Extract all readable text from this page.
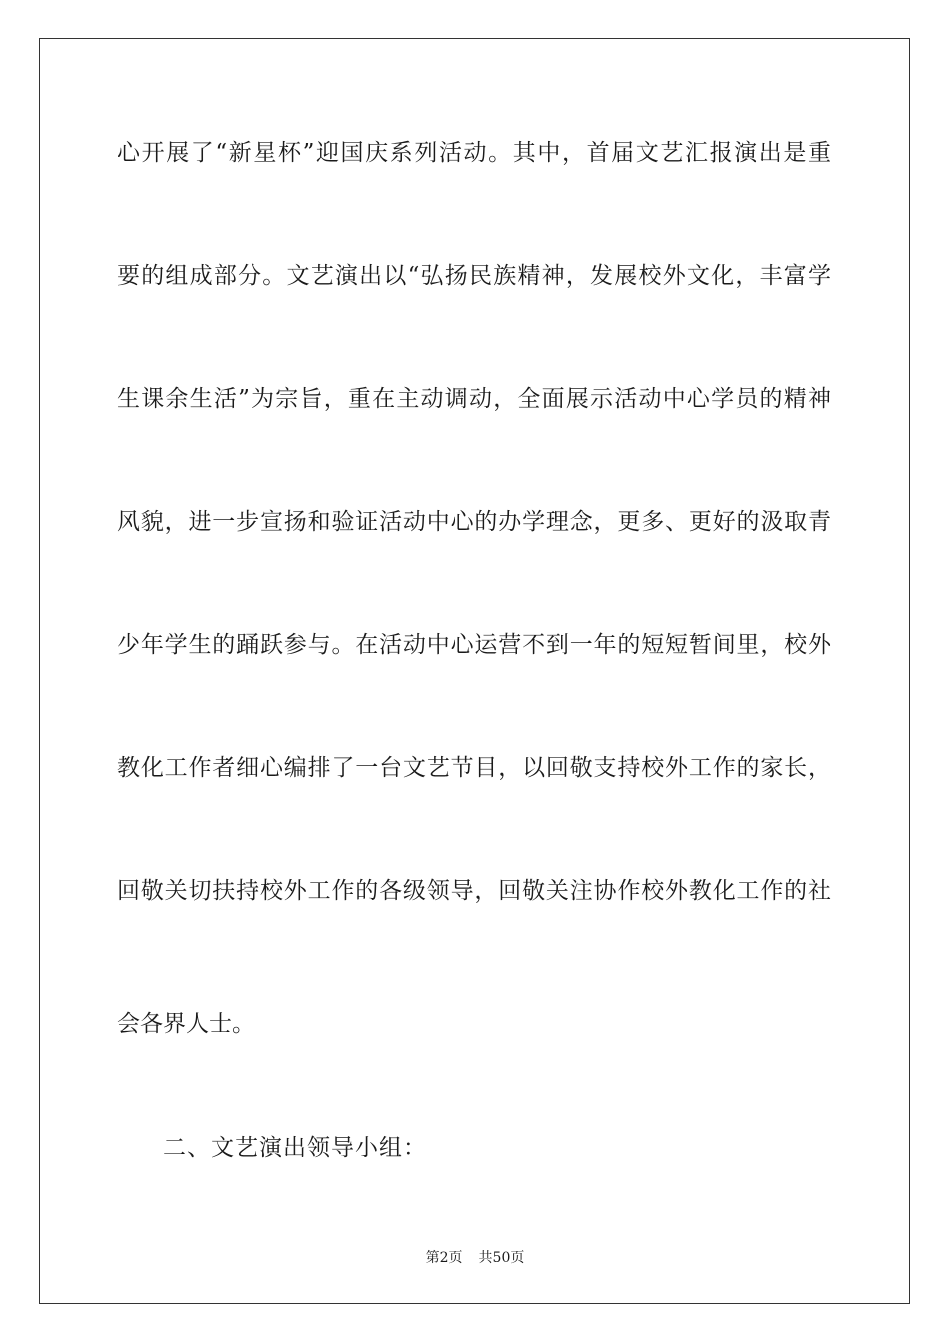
心开展了“新星杯”迎国庆系列活动。其中，首届文艺汇报演出是重
要的组成部分。文艺演出以“弘扬民族精神，发展校外文化，丰富学
生课余生活”为宗旨，重在主动调动，全面展示活动中心学员的精神
风貌，进一步宣扬和验证活动中心的办学理念，更多、更好的汲取青
少年学生的踊跃参与。在活动中心运营不到一年的短短暂间里，校外
教化工作者细心编排了一台文艺节目，以回敬支持校外工作的家长，
回敬关切扶持校外工作的各级领导，回敬关注协作校外教化工作的社
会各界人士。
二、文艺演出领导小组：
第2页 共50页
